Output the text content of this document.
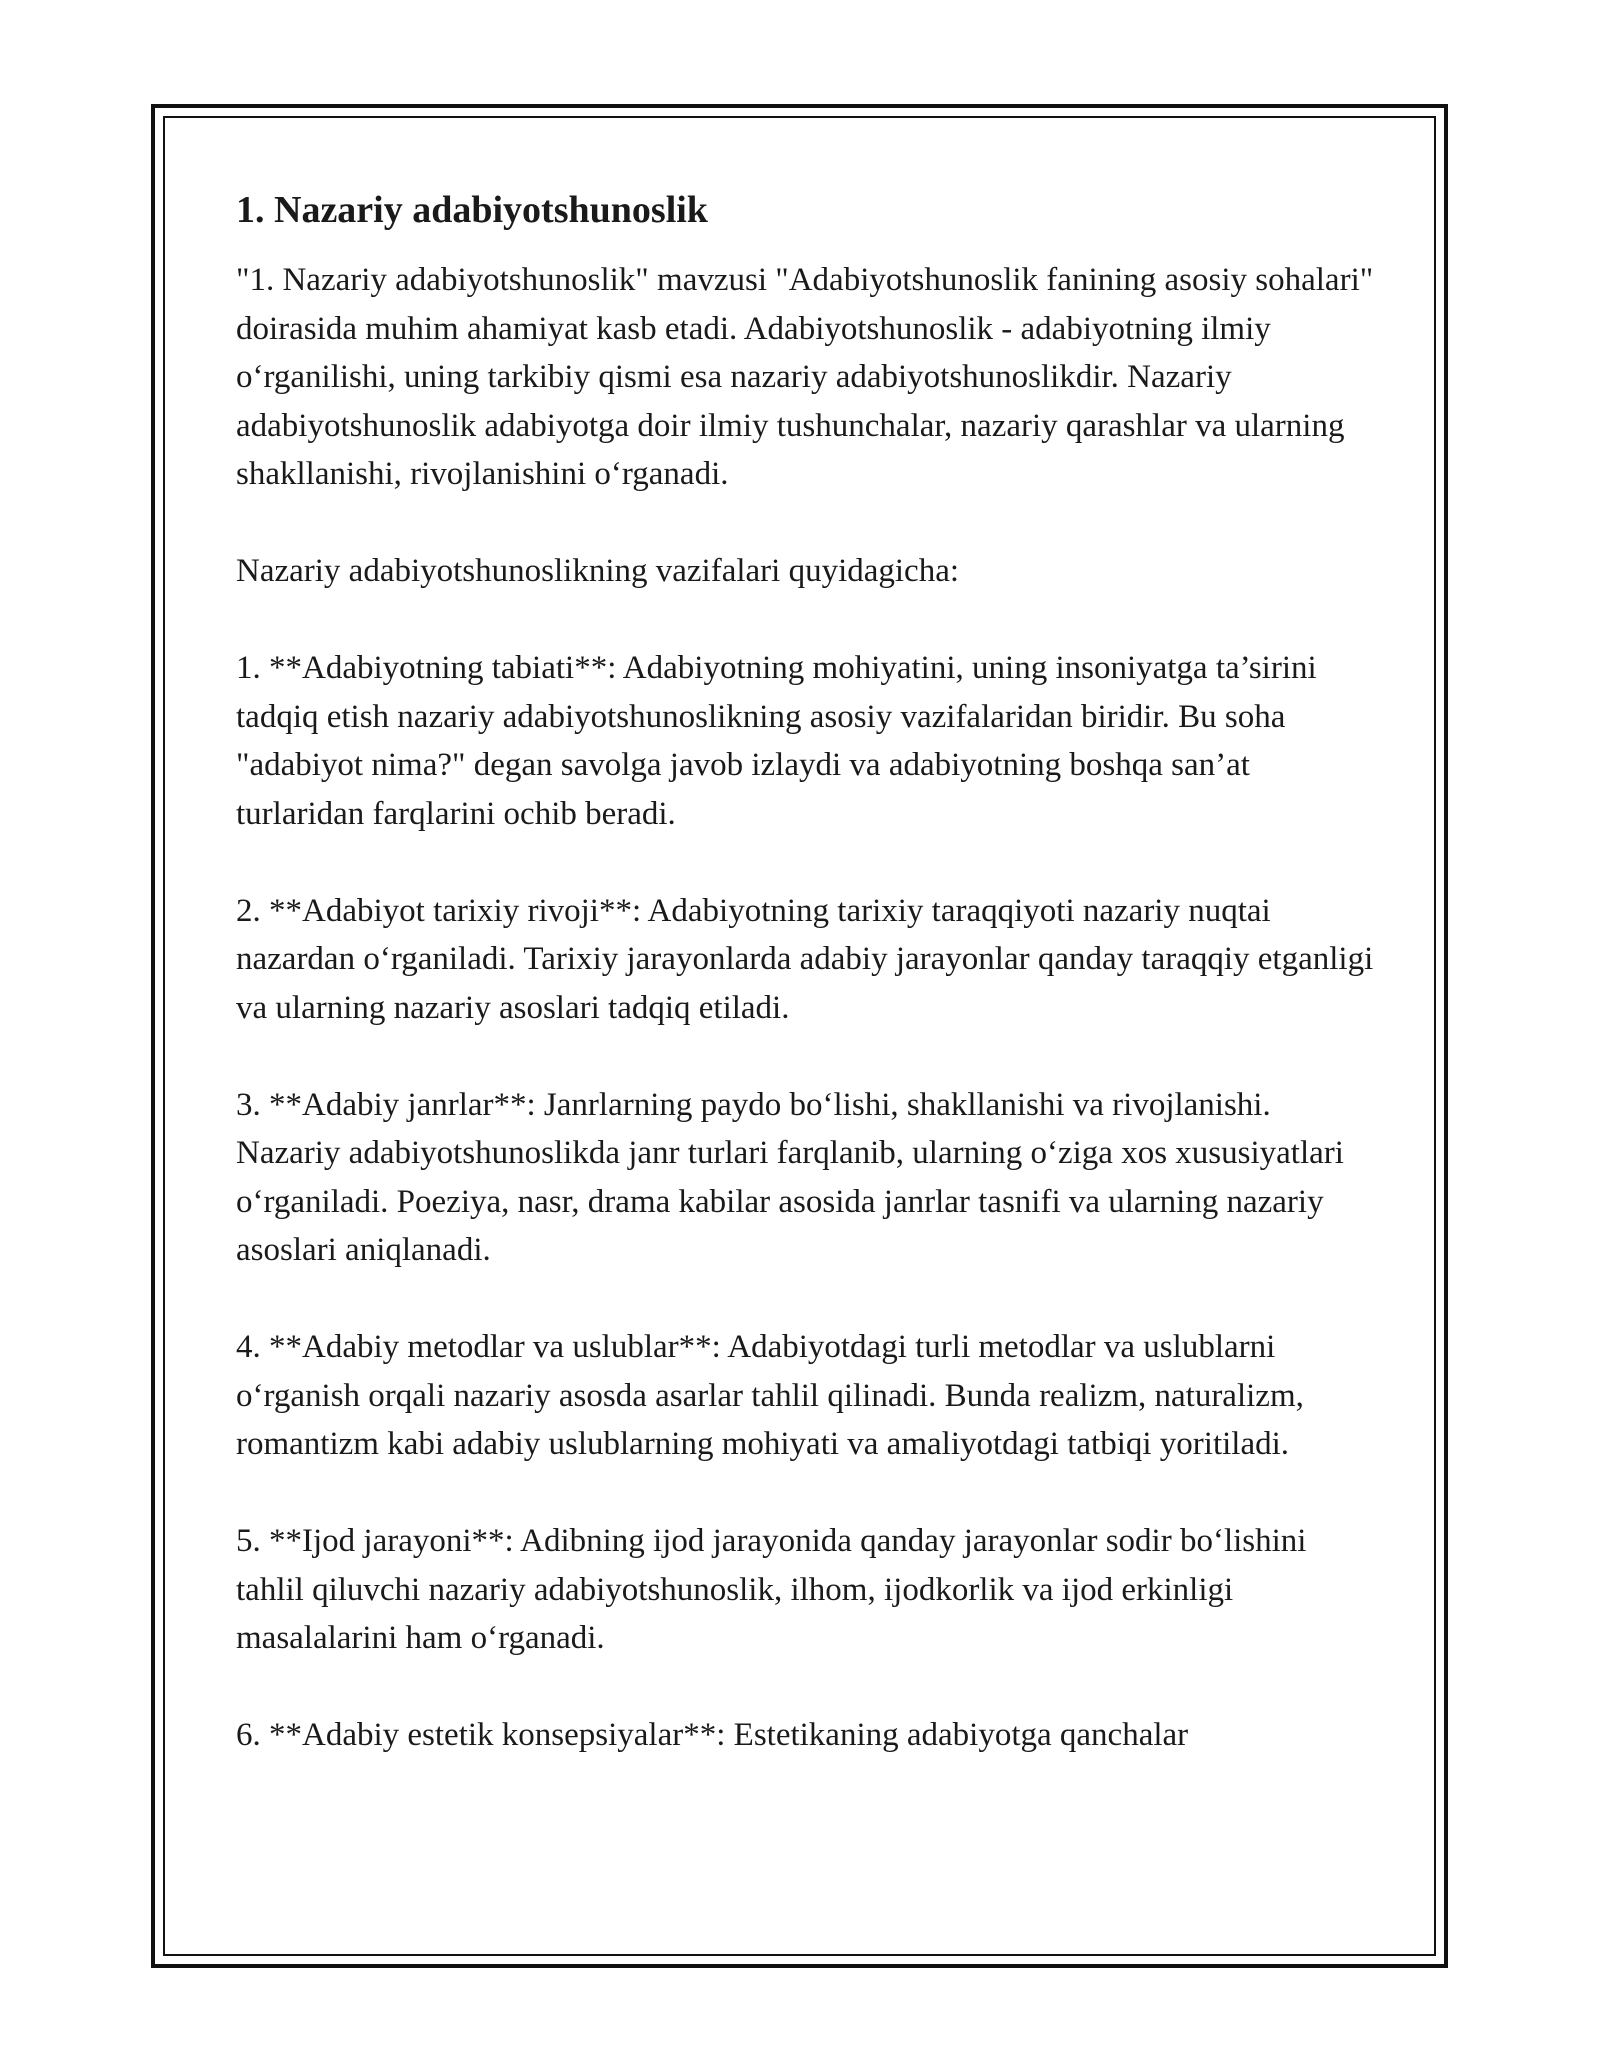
1. Nazariy adabiyotshunoslik

"1. Nazariy adabiyotshunoslik" mavzusi "Adabiyotshunoslik fanining asosiy sohalari" doirasida muhim ahamiyat kasb etadi. Adabiyotshunoslik - adabiyotning ilmiy o‘rganilishi, uning tarkibiy qismi esa nazariy adabiyotshunoslikdir. Nazariy adabiyotshunoslik adabiyotga doir ilmiy tushunchalar, nazariy qarashlar va ularning shakllanishi, rivojlanishini o‘rganadi.

Nazariy adabiyotshunoslikning vazifalari quyidagicha:

1. **Adabiyotning tabiati**: Adabiyotning mohiyatini, uning insoniyatga ta’sirini tadqiq etish nazariy adabiyotshunoslikning asosiy vazifalaridan biridir. Bu soha "adabiyot nima?" degan savolga javob izlaydi va adabiyotning boshqa san’at turlaridan farqlarini ochib beradi.

2. **Adabiyot tarixiy rivoji**: Adabiyotning tarixiy taraqqiyoti nazariy nuqtai nazardan o‘rganiladi. Tarixiy jarayonlarda adabiy jarayonlar qanday taraqqiy etganligi va ularning nazariy asoslari tadqiq etiladi.

3. **Adabiy janrlar**: Janrlarning paydo bo‘lishi, shakllanishi va rivojlanishi. Nazariy adabiyotshunoslikda janr turlari farqlanib, ularning o‘ziga xos xususiyatlari o‘rganiladi. Poeziya, nasr, drama kabilar asosida janrlar tasnifi va ularning nazariy asoslari aniqlanadi.

4. **Adabiy metodlar va uslublar**: Adabiyotdagi turli metodlar va uslublarni o‘rganish orqali nazariy asosda asarlar tahlil qilinadi. Bunda realizm, naturalizm, romantizm kabi adabiy uslublarning mohiyati va amaliyotdagi tatbiqi yoritiladi.

5. **Ijod jarayoni**: Adibning ijod jarayonida qanday jarayonlar sodir bo‘lishini tahlil qiluvchi nazariy adabiyotshunoslik, ilhom, ijodkorlik va ijod erkinligi masalalarini ham o‘rganadi.

6. **Adabiy estetik konsepsiyalar**: Estetikaning adabiyotga qanchalar
